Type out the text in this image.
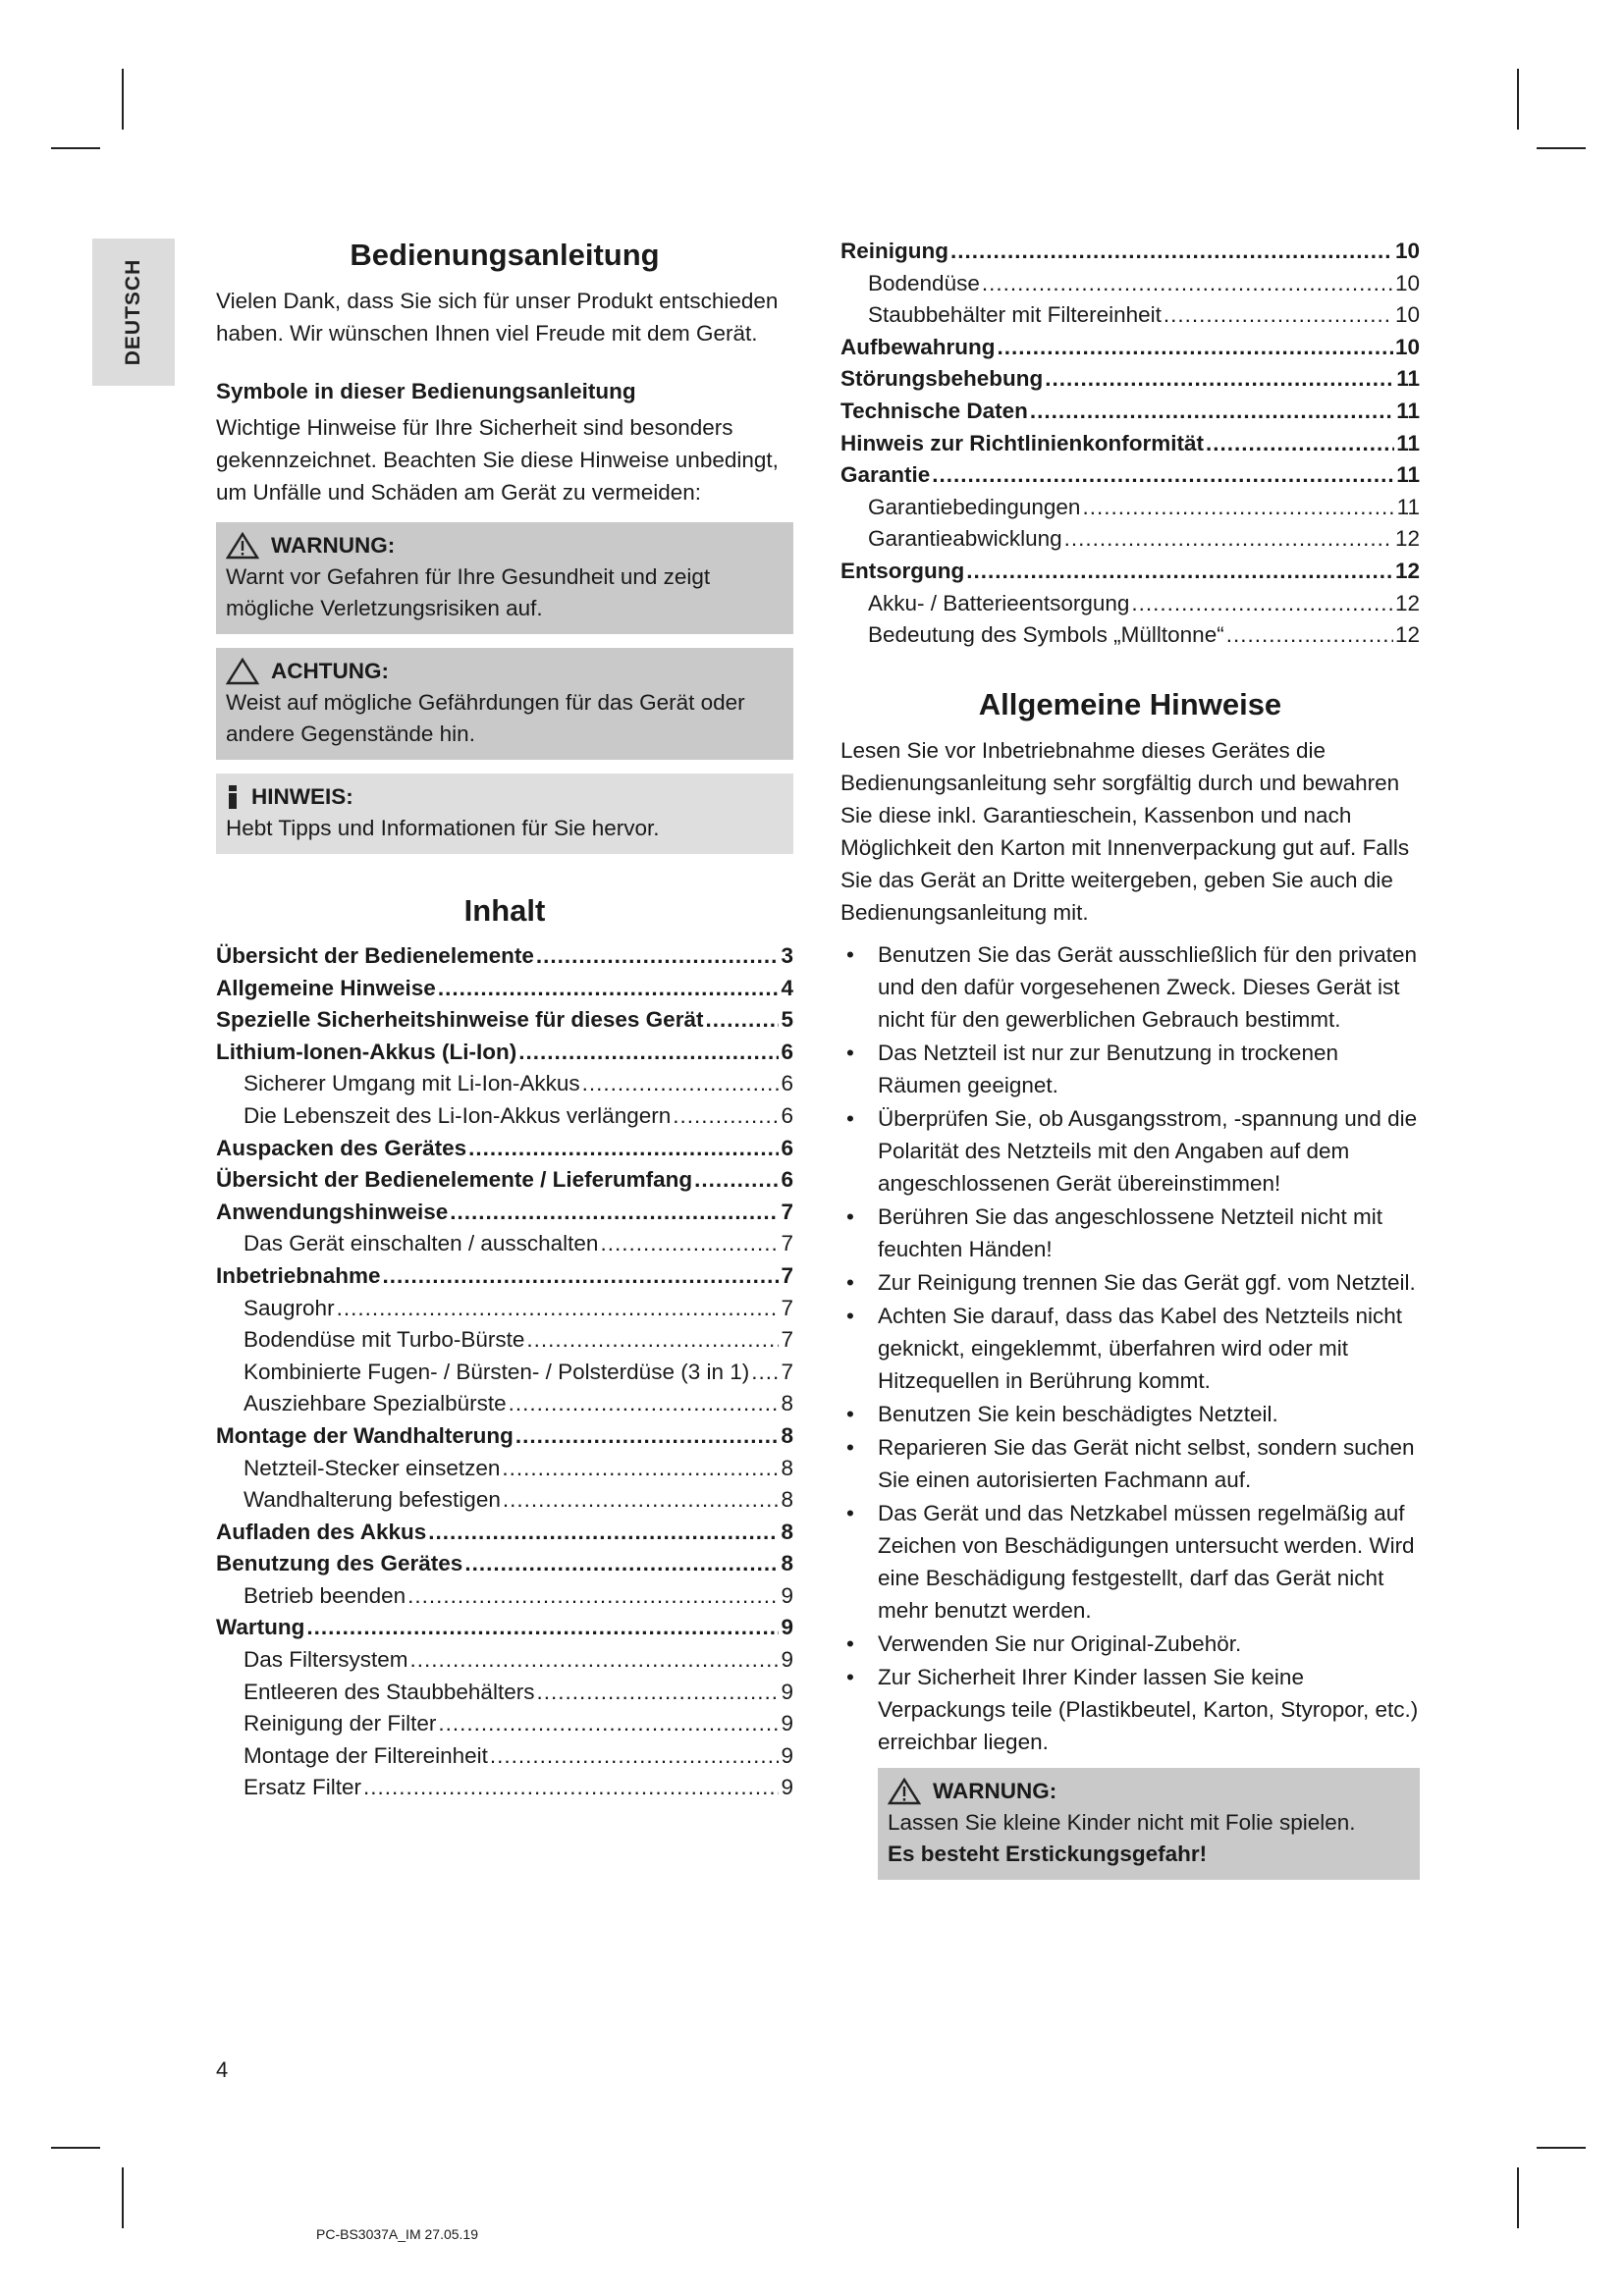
DEUTSCH
Bedienungsanleitung

Vielen Dank, dass Sie sich für unser Produkt entschieden haben. Wir wünschen Ihnen viel Freude mit dem Gerät.

Symbole in dieser Bedienungsanleitung

Wichtige Hinweise für Ihre Sicherheit sind besonders gekennzeichnet. Beachten Sie diese Hinweise unbedingt, um Unfälle und Schäden am Gerät zu vermeiden:

WARNUNG:
Warnt vor Gefahren für Ihre Gesundheit und zeigt mögliche Verletzungsrisiken auf.
ACHTUNG:
Weist auf mögliche Gefährdungen für das Gerät oder andere Gegenstände hin.
HINWEIS:
Hebt Tipps und Informationen für Sie hervor.
Inhalt
Übersicht der Bedienelemente .....	3
Allgemeine Hinweise .....	4
Spezielle Sicherheitshinweise für dieses Gerät .....	5
Lithium-Ionen-Akkus (Li-Ion) .....	6
Sicherer Umgang mit Li-Ion-Akkus .....	6
Die Lebenszeit des Li-Ion-Akkus verlängern .....	6
Auspacken des Gerätes .....	6
Übersicht der Bedienelemente / Lieferumfang .....	6
Anwendungshinweise .....	7
Das Gerät einschalten / ausschalten .....	7
Inbetriebnahme .....	7
Saugrohr .....	7
Bodendüse mit Turbo-Bürste .....	7
Kombinierte Fugen- / Bürsten- / Polsterdüse (3 in 1) ..... 7
Ausziehbare Spezialbürste .....	8
Montage der Wandhalterung .....	8
Netzteil-Stecker einsetzen .....	8
Wandhalterung befestigen .....	8
Aufladen des Akkus .....	8
Benutzung des Gerätes .....	8
Betrieb beenden .....	9
Wartung .....	9
Das Filtersystem .....	9
Entleeren des Staubbehälters .....	9
Reinigung der Filter .....	9
Montage der Filtereinheit .....	9
Ersatz Filter .....	9
Reinigung .....	10
Bodendüse .....	10
Staubbehälter mit Filtereinheit .....	10
Aufbewahrung .....	10
Störungsbehebung .....	11
Technische Daten .....	11
Hinweis zur Richtlinienkonformität .....	11
Garantie .....	11
Garantiebedingungen .....	11
Garantieabwicklung .....	12
Entsorgung .....	12
Akku- / Batterieentsorgung .....	12
Bedeutung des Symbols „Mülltonne“ .....	12
Allgemeine Hinweise

Lesen Sie vor Inbetriebnahme dieses Gerätes die Bedienungsanleitung sehr sorgfältig durch und bewahren Sie diese inkl. Garantieschein, Kassenbon und nach Möglichkeit den Karton mit Innenverpackung gut auf. Falls Sie das Gerät an Dritte weitergeben, geben Sie auch die Bedienungsanleitung mit.

• Benutzen Sie das Gerät ausschließlich für den privaten und den dafür vorgesehenen Zweck. Dieses Gerät ist nicht für den gewerblichen Gebrauch bestimmt.
• Das Netzteil ist nur zur Benutzung in trockenen Räumen geeignet.
• Überprüfen Sie, ob Ausgangsstrom, -spannung und die Polarität des Netzteils mit den Angaben auf dem angeschlossenen Gerät übereinstimmen!
• Berühren Sie das angeschlossene Netzteil nicht mit feuchten Händen!
• Zur Reinigung trennen Sie das Gerät ggf. vom Netzteil.
• Achten Sie darauf, dass das Kabel des Netzteils nicht geknickt, eingeklemmt, überfahren wird oder mit Hitzequellen in Berührung kommt.
• Benutzen Sie kein beschädigtes Netzteil.
• Reparieren Sie das Gerät nicht selbst, sondern suchen Sie einen autorisierten Fachmann auf.
• Das Gerät und das Netzkabel müssen regelmäßig auf Zeichen von Beschädigungen untersucht werden. Wird eine Beschädigung festgestellt, darf das Gerät nicht mehr benutzt werden.
• Verwenden Sie nur Original-Zubehör.
• Zur Sicherheit Ihrer Kinder lassen Sie keine Verpackungs teile (Plastikbeutel, Karton, Styropor, etc.) erreichbar liegen.
WARNUNG:
Lassen Sie kleine Kinder nicht mit Folie spielen.
Es besteht Erstickungsgefahr!
4
PC-BS3037A_IM 27.05.19
